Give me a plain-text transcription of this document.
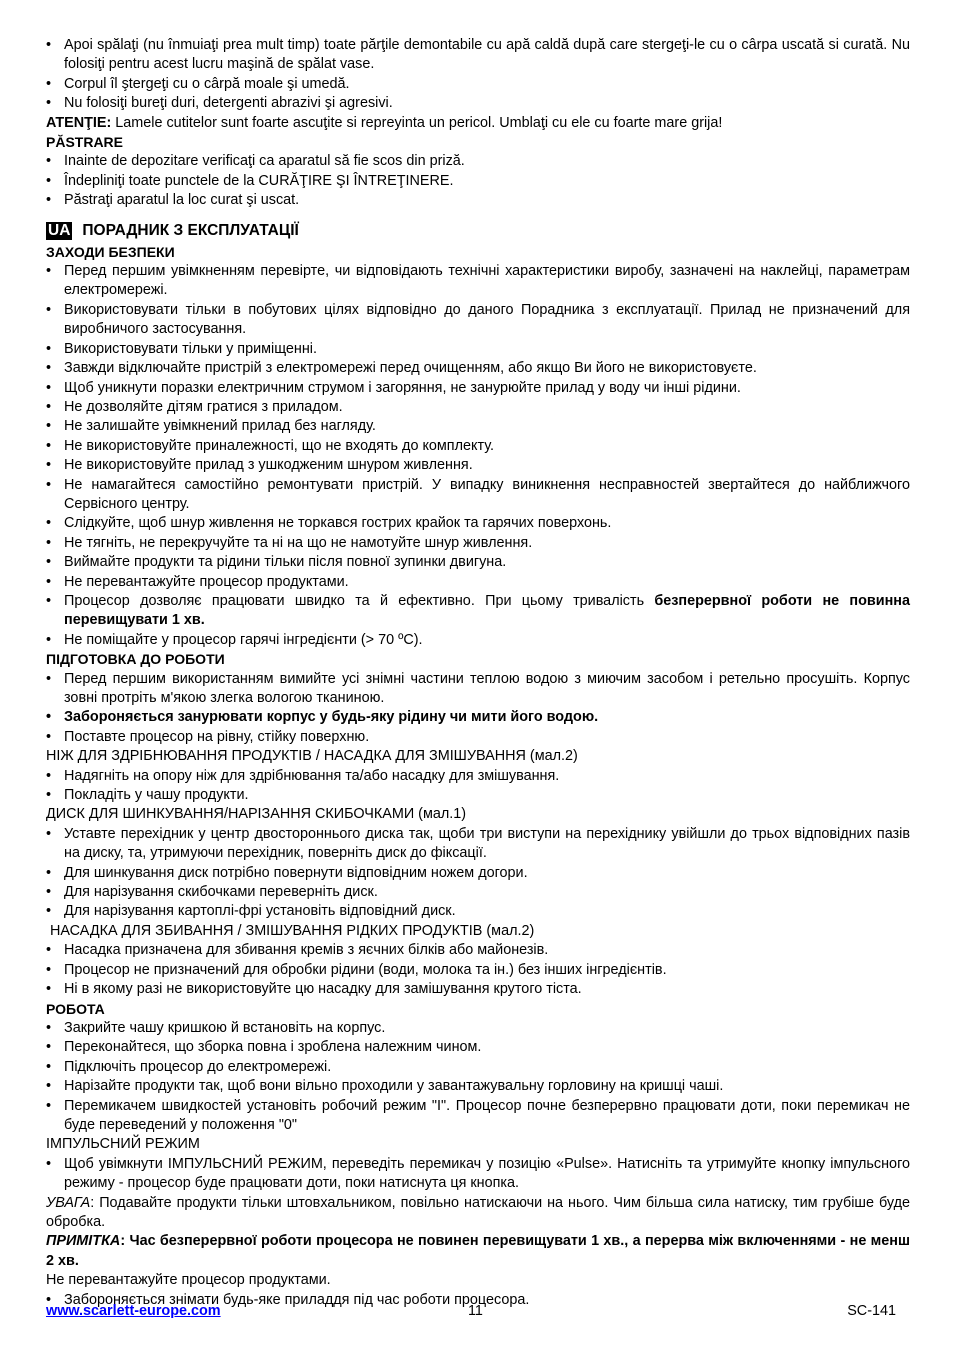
• Apoi spălaţi (nu înmuiaţi prea mult timp) toate părţile demontabile cu apă caldă după care stergeţi-le cu o cârpa uscată si curată. Nu folosiţi pentru acest lucru maşină de spălat vase.
• Corpul îl ştergeţi cu o cârpă moale şi umedă.
• Nu folosiţi bureţi duri, detergenti abrazivi şi agresivi.
ATENŢIE: Lamele cutitelor sunt foarte ascuţite si repreyinta un pericol. Umblaţi cu ele cu foarte mare grija!
PĂSTRARE
• Inainte de depozitare verificaţi ca aparatul să fie scos din priză.
• Îndepliniţi toate punctele de la CURĂŢIRE ŞI ÎNTREŢINERE.
• Păstraţi aparatul la loc curat şi uscat.
UA ПОРАДНИК З ЕКСПЛУАТАЦІЇ
ЗАХОДИ БЕЗПЕКИ
• Перед першим увімкненням перевірте, чи відповідають технічні характеристики виробу, зазначені на наклейці, параметрам електромережі.
• Використовувати тільки в побутових цілях відповідно до даного Порадника з експлуатації. Прилад не призначений для виробничого застосування.
• Використовувати тільки у приміщенні.
• Завжди відключайте пристрій з електромережі перед очищенням, або якщо Ви його не використовуєте.
• Щоб уникнути поразки електричним струмом і загоряння, не занурюйте прилад у воду чи інші рідини.
• Не дозволяйте дітям гратися з приладом.
• Не залишайте увімкнений прилад без нагляду.
• Не використовуйте приналежності, що не входять до комплекту.
• Не використовуйте прилад з ушкодженим шнуром живлення.
• Не намагайтеся самостійно ремонтувати пристрій. У випадку виникнення несправностей звертайтеся до найближчого Сервісного центру.
• Слідкуйте, щоб шнур живлення не торкався гострих крайок та гарячих поверхонь.
• Не тягніть, не перекручуйте та ні на що не намотуйте шнур живлення.
• Виймайте продукти та рідини тільки після повної зупинки двигуна.
• Не перевантажуйте процесор продуктами.
• Процесор дозволяє працювати швидко та й ефективно. При цьому тривалість безперервної роботи не повинна перевищувати 1 хв.
• Не поміщайте у процесор гарячі інгредієнти (> 70 ºC).
ПІДГОТОВКА ДО РОБОТИ
• Перед першим використанням вимийте усі знімні частини теплою водою з миючим засобом і ретельно просушіть. Корпус зовні протріть м'якою злегка вологою тканиною.
• Забороняється занурювати корпус у будь-яку рідину чи мити його водою.
• Поставте процесор на рівну, стійку поверхню.
НІЖ ДЛЯ ЗДРІБНЮВАННЯ ПРОДУКТІВ / НАСАДКА ДЛЯ ЗМІШУВАННЯ (мал.2)
• Надягніть на опору ніж для здрібнювання та/або насадку для змішування.
• Покладіть у чашу продукти.
ДИСК ДЛЯ ШИНКУВАННЯ/НАРІЗАННЯ СКИБОЧКАМИ (мал.1)
• Уставте перехідник у центр двостороннього диска так, щоби три виступи на перехіднику увійшли до трьох відповідних пазів на диску, та, утримуючи перехідник, поверніть диск до фіксації.
• Для шинкування диск потрібно повернути відповідним ножем догори.
• Для нарізування скибочками переверніть диск.
• Для нарізування картоплі-фрі установіть відповідний диск.
НАСАДКА ДЛЯ ЗБИВАННЯ / ЗМІШУВАННЯ РІДКИХ ПРОДУКТІВ (мал.2)
• Насадка призначена для збивання кремів з яєчних білків або майонезів.
• Процесор не призначений для обробки рідини (води, молока та ін.) без інших інгредієнтів.
• Ні в якому разі не використовуйте цю насадку для замішування крутого тіста.
РОБОТА
• Закрийте чашу кришкою й встановіть на корпус.
• Переконайтеся, що зборка повна і зроблена належним чином.
• Підключіть процесор до електромережі.
• Нарізайте продукти так, щоб вони вільно проходили у завантажувальну горловину на кришці чаші.
• Перемикачем швидкостей установіть робочий режим "I". Процесор почне безперервно працювати доти, поки перемикач не буде переведений у положення "0"
ІМПУЛЬСНИЙ РЕЖИМ
• Щоб увімкнути ІМПУЛЬСНИЙ РЕЖИМ, переведіть перемикач у позицію «Pulse». Натисніть та утримуйте кнопку імпульсного режиму - процесор буде працювати доти, поки натиснута ця кнопка.
УВАГА: Подавайте продукти тільки штовхальником, повільно натискаючи на нього. Чим більша сила натиску, тим грубіше буде обробка.
ПРИМІТКА: Час безперервної роботи процесора не повинен перевищувати 1 хв., а перерва між включеннями - не менш 2 хв.
Не перевантажуйте процесор продуктами.
• Забороняється знімати будь-яке приладдя під час роботи процесора.
www.scarlett-europe.com	11	SC-141
